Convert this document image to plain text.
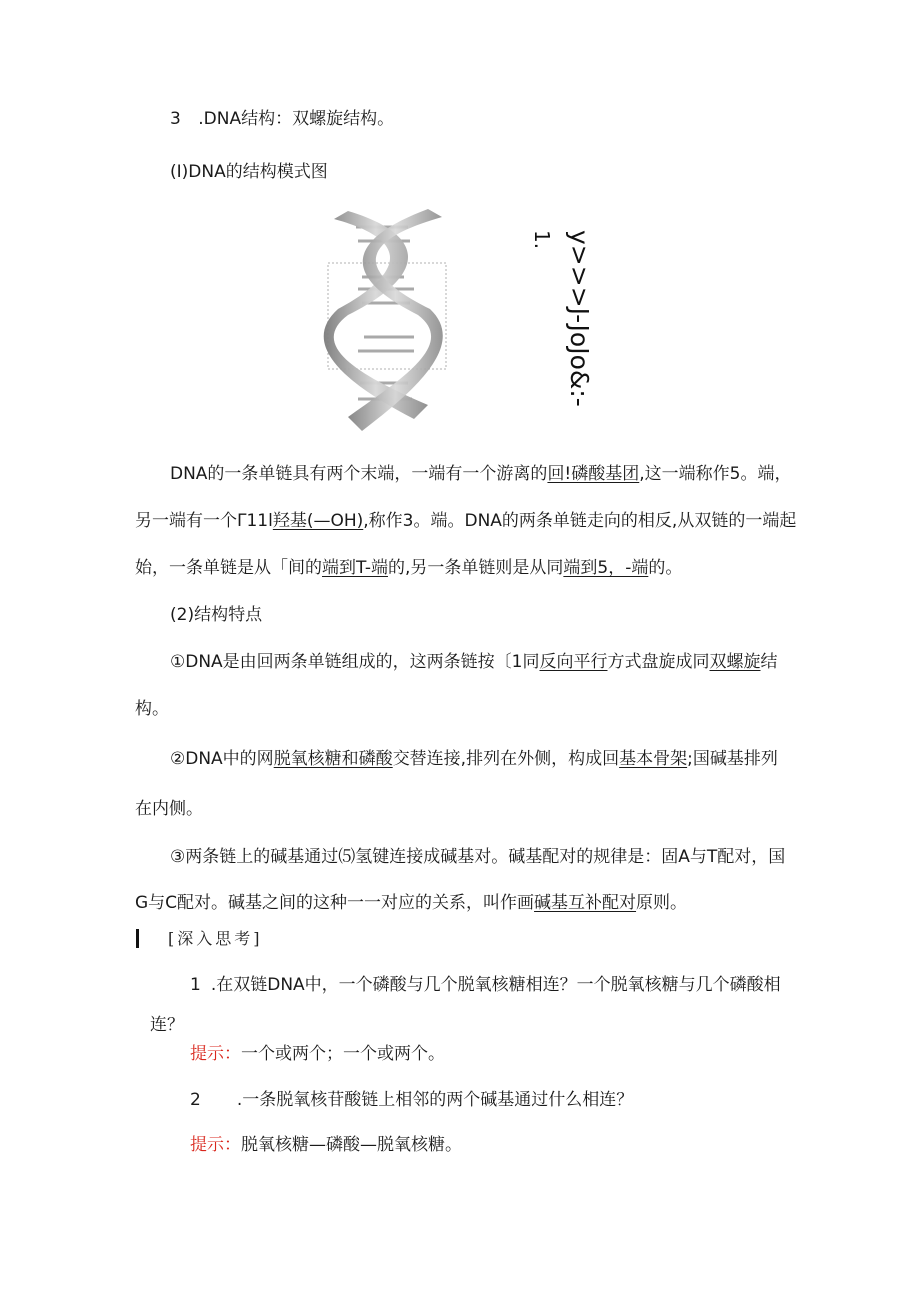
3 .DNA结构：双螺旋结构。
(I)DNA的结构模式图
y>>>J-JoJo&:-
1.
DNA的一条单链具有两个末端，一端有一个游离的回!磷酸基团,这一端称作5。端，
另一端有一个Γ11l羟基(—OH),称作3。端。DNA的两条单链走向的相反,从双链的一端起
始，一条单链是从「间的端到T-端的,另一条单链则是从同端到5，-端的。
(2)结构特点
①DNA是由回两条单链组成的，这两条链按〔1同反向平行方式盘旋成同双螺旋结
构。
②DNA中的网脱氧核糖和磷酸交替连接,排列在外侧，构成回基本骨架;国碱基排列
在内侧。
③两条链上的碱基通过⑸氢键连接成碱基对。碱基配对的规律是：固A与T配对，国
G与C配对。碱基之间的这种一一对应的关系，叫作画碱基互补配对原则。
[深入思考]
1 .在双链DNA中，一个磷酸与几个脱氧核糖相连？一个脱氧核糖与几个磷酸相
连？
提示：一个或两个；一个或两个。
2 .一条脱氧核苷酸链上相邻的两个碱基通过什么相连？
提示：脱氧核糖—磷酸—脱氧核糖。
